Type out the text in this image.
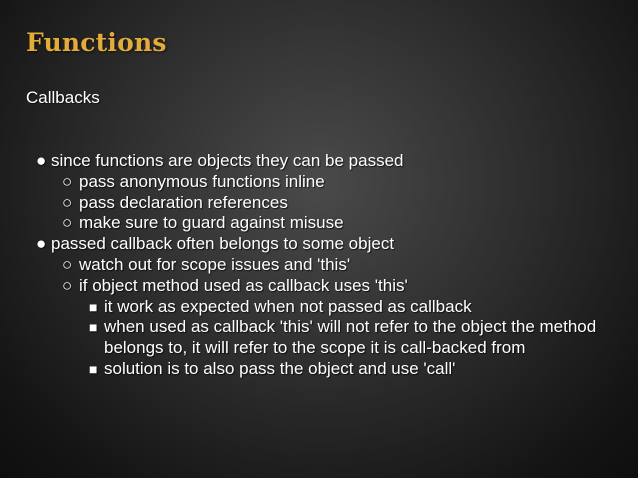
Functions
Callbacks
● since functions are objects they can be passed
○ pass anonymous functions inline
○ pass declaration references
○ make sure to guard against misuse
● passed callback often belongs to some object
○ watch out for scope issues and 'this'
○ if object method used as callback uses 'this'
■ it work as expected when not passed as callback
■ when used as callback 'this' will not refer to the object the method belongs to, it will refer to the scope it is call-backed from
■ solution is to also pass the object and use 'call'
